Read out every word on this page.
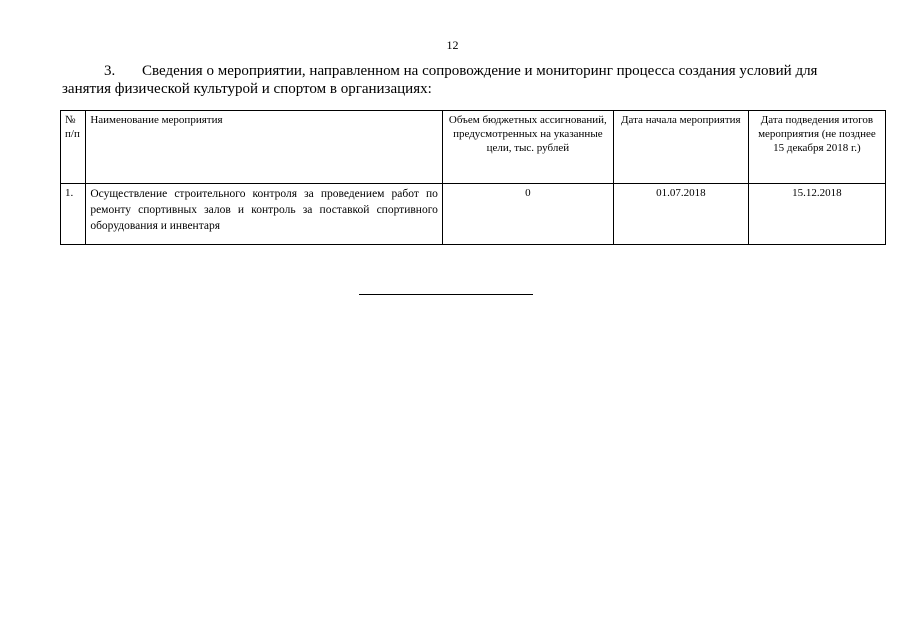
12
3. Сведения о мероприятии, направленном на сопровождение и мониторинг процесса создания условий для занятия физической культурой и спортом в организациях:
№ п/п	Наименование мероприятия	Объем бюджетных ассигнований, предусмотренных на указанные цели, тыс. рублей	Дата начала мероприятия	Дата подведения итогов мероприятия (не позднее 15 декабря 2018 г.)
1.	Осуществление строительного контроля за проведением работ по ремонту спортивных залов и контроль за поставкой спортивного оборудования и инвентаря	0	01.07.2018	15.12.2018
